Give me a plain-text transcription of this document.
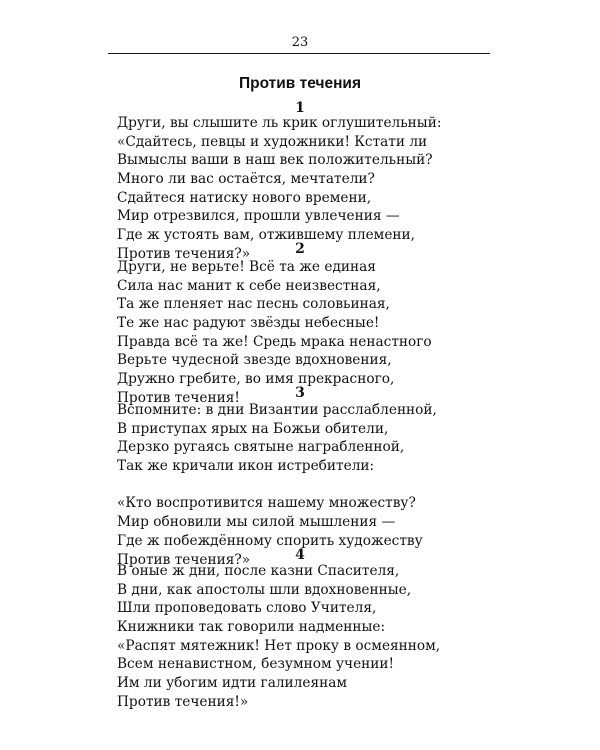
23
Против течения
1
Други, вы слышите ль крик оглушительный:
«Сдайтесь, певцы и художники! Кстати ли
Вымыслы ваши в наш век положительный?
Много ли вас остаётся, мечтатели?
Сдайтеся натиску нового времени,
Мир отрезвился, прошли увлечения —
Где ж устоять вам, отжившему племени,
Против течения?»	2
Други, не верьте! Всё та же единая
Сила нас манит к себе неизвестная,
Та же пленяет нас песнь соловьиная,
Те же нас радуют звёзды небесные!
Правда всё та же! Средь мрака ненастного
Верьте чудесной звезде вдохновения,
Дружно гребите, во имя прекрасного,
Против течения!	3
Вспомните: в дни Византии расслабленной,
В приступах ярых на Божьи обители,
Дерзко ругаясь святыне награбленной,
Так же кричали икон истребители:
«Кто воспротивится нашему множеству?
Мир обновили мы силой мышления —
Где ж побеждённому спорить художеству
Против течения?»	4
В оные ж дни, после казни Спасителя,
В дни, как апостолы шли вдохновенные,
Шли проповедовать слово Учителя,
Книжники так говорили надменные:
«Распят мятежник! Нет проку в осмеянном,
Всем ненавистном, безумном учении!
Им ли убогим идти галилеянам
Против течения!»
